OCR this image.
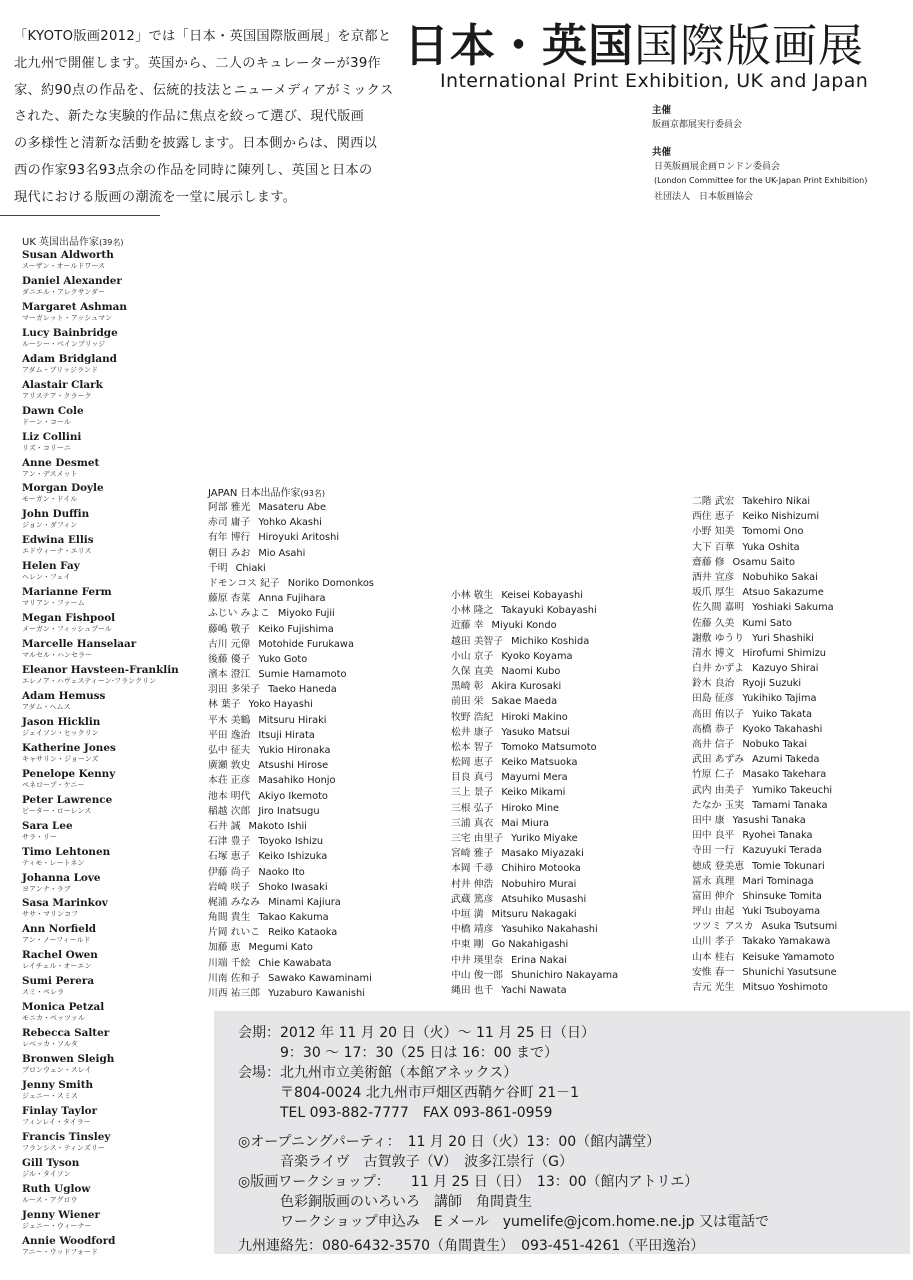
「KYOTO版画2012」では「日本・英国国際版画展」を京都と
北九州で開催します。英国から、二人のキュレーターが39作
家、約90点の作品を、伝統的技法とニューメディアがミックス
された、新たな実験的作品に焦点を絞って選び、現代版画
の多様性と清新な活動を披露します。日本側からは、関西以
西の作家93名93点余の作品を同時に陳列し、英国と日本の
現代における版画の潮流を一堂に展示します。
日本・英国国際版画展
International Print Exhibition, UK and Japan
主催
版画京都展実行委員会
共催
日英版画展企画ロンドン委員会
(London Committee for the UK-Japan Print Exhibition)
社団法人　日本版画協会
UK 英国出品作家(39名)
Susan Aldworth
スーザン・オールドワース
Daniel Alexander
ダニエル・アレクサンダー
Margaret Ashman
マーガレット・アッシュマン
Lucy Bainbridge
ルーシー・ベインブリッジ
Adam Bridgland
アダム・ブリッジランド
Alastair Clark
アリステア・クラーク
Dawn Cole
ドーン・コール
Liz Collini
リズ・コリーニ
Anne Desmet
アン・デスメット
Morgan Doyle
モーガン・ドイル
John Duffin
ジョン・ダフィン
Edwina Ellis
エドウィーナ・エリス
Helen Fay
ヘレン・フェイ
Marianne Ferm
マリアン・ファーム
Megan Fishpool
メーガン・フィッシュプール
Marcelle Hanselaar
マルセル・ハンセラー
Eleanor Havsteen-Franklin
エレノア・ハヴェスティーン-フランクリン
Adam Hemuss
アダム・ヘムス
Jason Hicklin
ジェイソン・ヒックリン
Katherine Jones
キャサリン・ジョーンズ
Penelope Kenny
ペネロープ・ケニー
Peter Lawrence
ピーター・ローレンス
Sara Lee
サラ・リー
Timo Lehtonen
ティモ・レートネン
Johanna Love
ヨアンナ・ラブ
Sasa Marinkov
ササ・マリンコフ
Ann Norfield
アン・ノーフィールド
Rachel Owen
レイチェル・オーエン
Sumi Perera
スミ・ペレラ
Monica Petzal
モニカ・ペッツァル
Rebecca Salter
レベッカ・ソルタ
Bronwen Sleigh
ブロンウェン・スレイ
Jenny Smith
ジェニー・スミス
Finlay Taylor
フィンレイ・タイラー
Francis Tinsley
フランシス・ティンズリー
Gill Tyson
ジル・タイソン
Ruth Uglow
ルース・アグロウ
Jenny Wiener
ジェニー・ウィーナー
Annie Woodford
アニー・ウッドフォード
JAPAN 日本出品作家(93名)
阿部 雅光 Masateru Abe
赤司 庸子 Yohko Akashi
有年 博行 Hiroyuki Aritoshi
朝日 みお Mio Asahi
千明 Chiaki
ドモンコス 紀子 Noriko Domonkos
藤原 杏菜 Anna Fujihara
ふじい みよこ Miyoko Fujii
藤嶋 敬子 Keiko Fujishima
古川 元偉 Motohide Furukawa
後藤 優子 Yuko Goto
濱本 澄江 Sumie Hamamoto
羽田 多栄子 Taeko Haneda
林 葉子 Yoko Hayashi
平木 美鶴 Mitsuru Hiraki
平田 逸治 Itsuji Hirata
弘中 征夫 Yukio Hironaka
廣瀬 敦史 Atsushi Hirose
本荘 正彦 Masahiko Honjo
池本 明代 Akiyo Ikemoto
稲越 次郎 Jiro Inatsugu
石井 誠 Makoto Ishii
石津 豊子 Toyoko Ishizu
石塚 恵子 Keiko Ishizuka
伊藤 尚子 Naoko Ito
岩崎 咲子 Shoko Iwasaki
梶浦 みなみ Minami Kajiura
角間 貴生 Takao Kakuma
片岡 れいこ Reiko Kataoka
加藤 恵 Megumi Kato
川端 千絵 Chie Kawabata
川南 佐和子 Sawako Kawaminami
川西 祐三郎 Yuzaburo Kawanishi
小林 敬生 Keisei Kobayashi
小林 隆之 Takayuki Kobayashi
近藤 幸 Miyuki Kondo
越田 美智子 Michiko Koshida
小山 京子 Kyoko Koyama
久保 直美 Naomi Kubo
黒崎 彰 Akira Kurosaki
前田 栄 Sakae Maeda
牧野 浩紀 Hiroki Makino
松井 康子 Yasuko Matsui
松本 智子 Tomoko Matsumoto
松岡 恵子 Keiko Matsuoka
目良 真弓 Mayumi Mera
三上 景子 Keiko Mikami
三根 弘子 Hiroko Mine
三浦 真衣 Mai Miura
三宅 由里子 Yuriko Miyake
宮崎 雅子 Masako Miyazaki
本岡 千尋 Chihiro Motooka
村井 伸浩 Nobuhiro Murai
武蔵 篤彦 Atsuhiko Musashi
中垣 満 Mitsuru Nakagaki
中橋 靖彦 Yasuhiko Nakahashi
中東 剛 Go Nakahigashi
中井 瑛里奈 Erina Nakai
中山 俊一郎 Shunichiro Nakayama
縄田 也千 Yachi Nawata
二階 武宏 Takehiro Nikai
西住 恵子 Keiko Nishizumi
小野 知美 Tomomi Ono
大下 百華 Yuka Oshita
齋藤 修 Osamu Saito
酒井 宣彦 Nobuhiko Sakai
坂爪 厚生 Atsuo Sakazume
佐久間 嘉明 Yoshiaki Sakuma
佐藤 久美 Kumi Sato
謝敷 ゆうり Yuri Shashiki
清水 博文 Hirofumi Shimizu
白井 かずよ Kazuyo Shirai
鈴木 良治 Ryoji Suzuki
田島 征彦 Yukihiko Tajima
高田 侑以子 Yuiko Takata
高橋 恭子 Kyoko Takahashi
高井 信子 Nobuko Takai
武田 あずみ Azumi Takeda
竹原 仁子 Masako Takehara
武内 由美子 Yumiko Takeuchi
たなか 玉実 Tamami Tanaka
田中 康 Yasushi Tanaka
田中 良平 Ryohei Tanaka
寺田 一行 Kazuyuki Terada
徳成 登美恵 Tomie Tokunari
冨永 真理 Mari Tominaga
富田 伸介 Shinsuke Tomita
坪山 由起 Yuki Tsuboyama
ツツミ アスカ Asuka Tsutsumi
山川 孝子 Takako Yamakawa
山本 桂右 Keisuke Yamamoto
安惟 春一 Shunichi Yasutsune
吉元 光生 Mitsuo Yoshimoto
会期：2012 年 11 月 20 日（火）～ 11 月 25 日（日）
　　　9：30 ～ 17：30（25 日は 16：00 まで）
会場：北九州市立美術館（本館アネックス）
　　　〒804-0024 北九州市戸畑区西鞘ケ谷町 21－1
　　　TEL 093-882-7777　FAX 093-861-0959
◎オープニングパーティ：　11 月 20 日（火）13：00（館内講堂）
　　　音楽ライヴ　古賀敦子（V）　波多江崇行（G）
◎版画ワークショップ：　　11 月 25 日（日）　13：00（館内アトリエ）
　　　色彩銅版画のいろいろ　講師　角間貴生
　　　ワークショップ申込み　E メール　yumelife@jcom.home.ne.jp 又は電話で
九州連絡先：080-6432-3570（角間貴生）　093-451-4261（平田逸治）
